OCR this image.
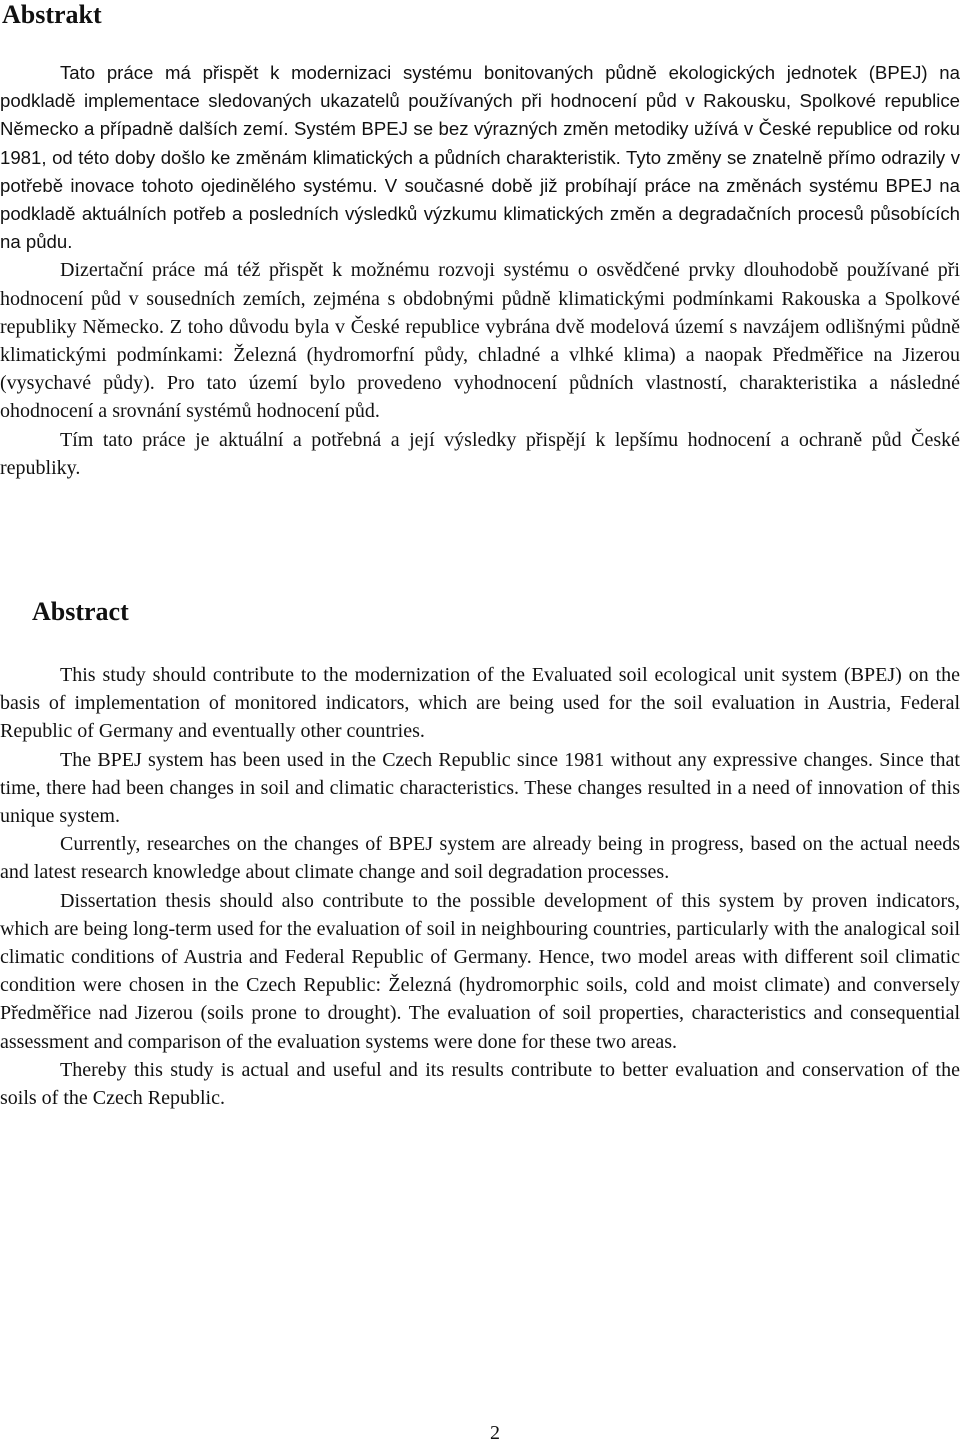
Abstrakt

Tato práce má přispět k modernizaci systému bonitovaných půdně ekologických jednotek (BPEJ) na podkladě implementace sledovaných ukazatelů používaných při hodnocení půd v Rakousku, Spolkové republice Německo a případně dalších zemí. Systém BPEJ se bez výrazných změn metodiky užívá v České republice od roku 1981, od této doby došlo ke změnám klimatických a půdních charakteristik. Tyto změny se znatelně přímo odrazily v potřebě inovace tohoto ojedinělého systému. V současné době již probíhají práce na změnách systému BPEJ na podkladě aktuálních potřeb a posledních výsledků výzkumu klimatických změn a degradačních procesů působících na půdu.

Dizertační práce má též přispět k možnému rozvoji systému o osvědčené prvky dlouhodobě používané při hodnocení půd v sousedních zemích, zejména s obdobnými půdně klimatickými podmínkami Rakouska a Spolkové republiky Německo. Z toho důvodu byla v České republice vybrána dvě modelová území s navzájem odlišnými půdně klimatickými podmínkami: Železná (hydromorfní půdy, chladné a vlhké klima) a naopak Předměřice na Jizerou (vysychavé půdy). Pro tato území bylo provedeno vyhodnocení půdních vlastností, charakteristika a následné ohodnocení a srovnání systémů hodnocení půd.

Tím tato práce je aktuální a potřebná a její výsledky přispějí k lepšímu hodnocení a ochraně půd České republiky.

Abstract

This study should contribute to the modernization of the Evaluated soil ecological unit system (BPEJ) on the basis of implementation of monitored indicators, which are being used for the soil evaluation in Austria, Federal Republic of Germany and eventually other countries.

The BPEJ system has been used in the Czech Republic since 1981 without any expressive changes. Since that time, there had been changes in soil and climatic characteristics. These changes resulted in a need of innovation of this unique system.

Currently, researches on the changes of BPEJ system are already being in progress, based on the actual needs and latest research knowledge about climate change and soil degradation processes.

Dissertation thesis should also contribute to the possible development of this system by proven indicators, which are being long-term used for the evaluation of soil in neighbouring countries, particularly with the analogical soil climatic conditions of Austria and Federal Republic of Germany. Hence, two model areas with different soil climatic condition were chosen in the Czech Republic: Železná (hydromorphic soils, cold and moist climate) and conversely Předměřice nad Jizerou (soils prone to drought). The evaluation of soil properties, characteristics and consequential assessment and comparison of the evaluation systems were done for these two areas.

Thereby this study is actual and useful and its results contribute to better evaluation and conservation of the soils of the Czech Republic.

2
